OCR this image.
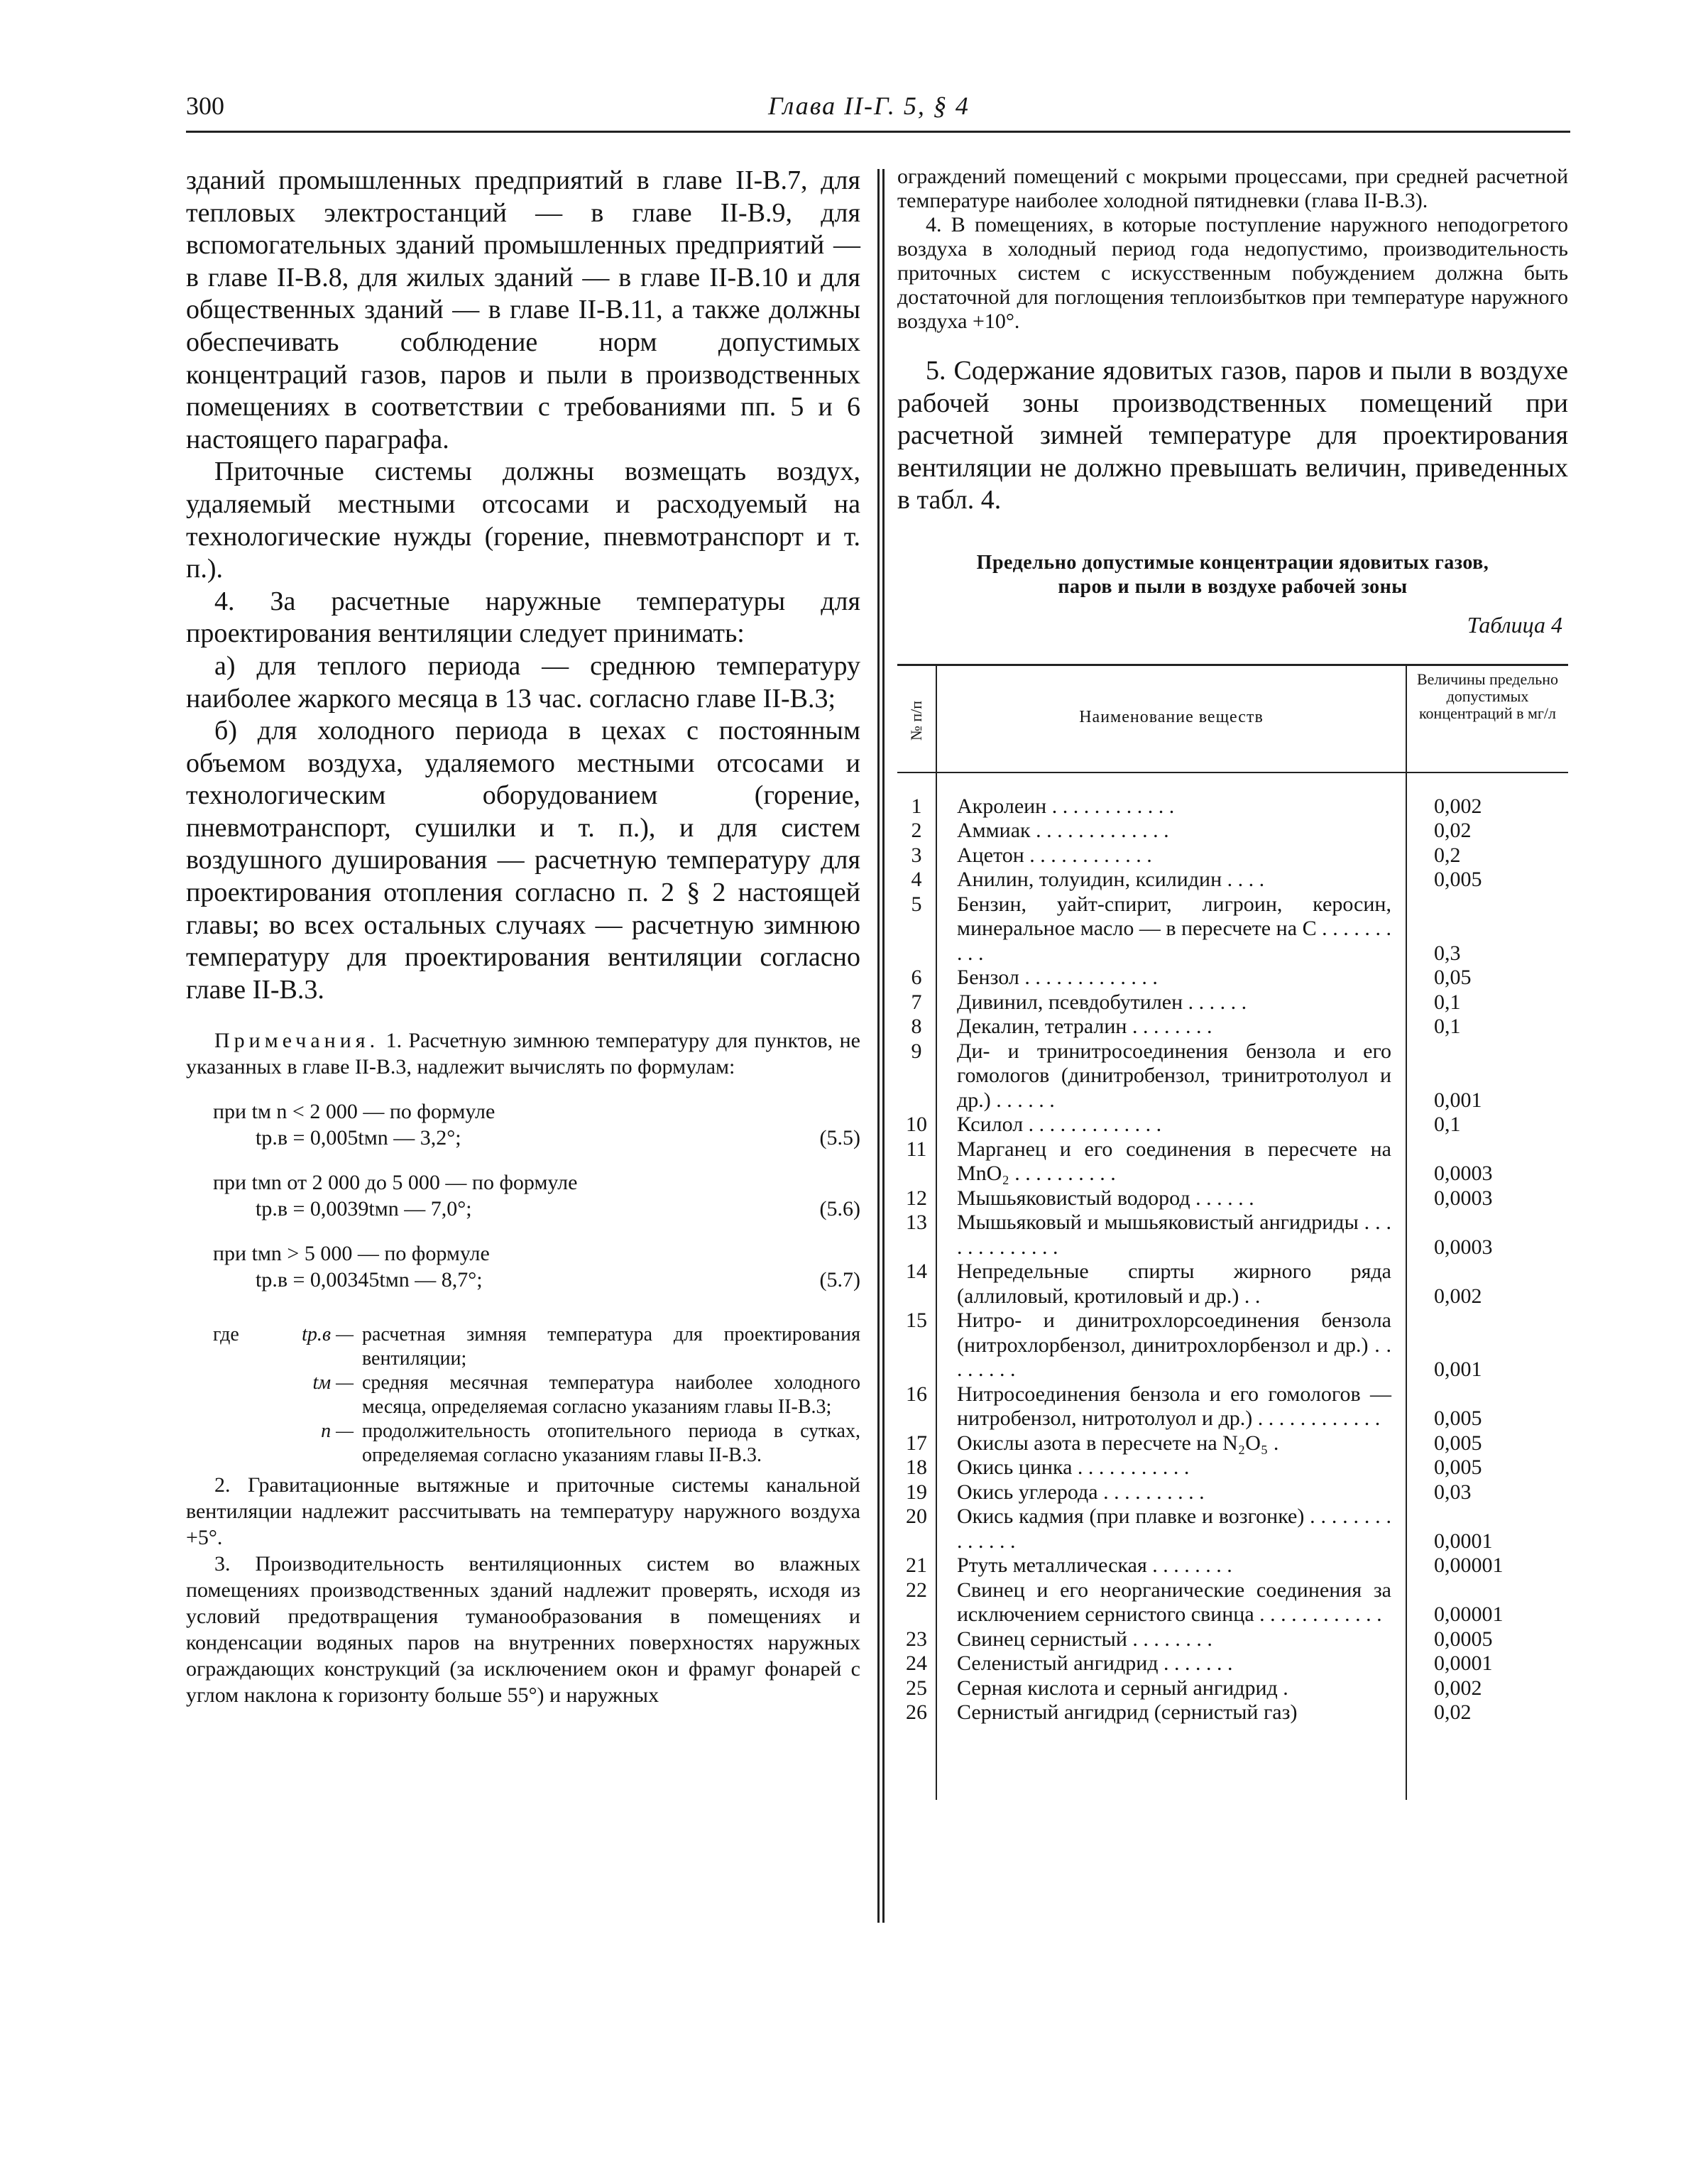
300	Глава II-Г. 5, § 4

зданий промышленных предприятий в главе II-В.7, для тепловых электростанций — в главе II-В.9, для вспомогательных зданий промышленных предприятий — в главе II-В.8, для жилых зданий — в главе II-В.10 и для общественных зданий — в главе II-В.11, а также должны обеспечивать соблюдение норм допустимых концентраций газов, паров и пыли в производственных помещениях в соответствии с требованиями пп. 5 и 6 настоящего параграфа.

Приточные системы должны возмещать воздух, удаляемый местными отсосами и расходуемый на технологические нужды (горение, пневмотранспорт и т. п.).

4. За расчетные наружные температуры для проектирования вентиляции следует принимать:

а) для теплого периода — среднюю температуру наиболее жаркого месяца в 13 час. согласно главе II-В.3;

б) для холодного периода в цехах с постоянным объемом воздуха, удаляемого местными отсосами и технологическим оборудованием (горение, пневмотранспорт, сушилки и т. п.), и для систем воздушного душирования — расчетную температуру для проектирования отопления согласно п. 2 § 2 настоящей главы; во всех остальных случаях — расчетную зимнюю температуру для проектирования вентиляции согласно главе II-В.3.

Примечания. 1. Расчетную зимнюю температуру для пунктов, не указанных в главе II-В.3, надлежит вычислять по формулам:

при tм n < 2 000 — по формуле
tр.в = 0,005tмn — 3,2°;	(5.5)
при tмn от 2 000 до 5 000 — по формуле
tр.в = 0,0039tмn — 7,0°;	(5.6)
при tмn > 5 000 — по формуле
tр.в = 0,00345tмn — 8,7°;	(5.7)
где	tр.в — расчетная зимняя температура для проектирования вентиляции;
tм — средняя месячная температура наиболее холодного месяца, определяемая согласно указаниям главы II-В.3;
n — продолжительность отопительного периода в сутках, определяемая согласно указаниям главы II-В.3.

2. Гравитационные вытяжные и приточные системы канальной вентиляции надлежит рассчитывать на температуру наружного воздуха +5°.

3. Производительность вентиляционных систем во влажных помещениях производственных зданий надлежит проверять, исходя из условий предотвращения туманообразования в помещениях и конденсации водяных паров на внутренних поверхностях наружных ограждающих конструкций (за исключением окон и фрамуг фонарей с углом наклона к горизонту больше 55°) и наружных

ограждений помещений с мокрыми процессами, при средней расчетной температуре наиболее холодной пятидневки (глава II-В.3).

4. В помещениях, в которые поступление наружного неподогретого воздуха в холодный период года недопустимо, производительность приточных систем с искусственным побуждением должна быть достаточной для поглощения теплоизбытков при температуре наружного воздуха +10°.

5. Содержание ядовитых газов, паров и пыли в воздухе рабочей зоны производственных помещений при расчетной зимней температуре для проектирования вентиляции не должно превышать величин, приведенных в табл. 4.

Предельно допустимые концентрации ядовитых газов,
паров и пыли в воздухе рабочей зоны
Таблица 4
№ п/п	Наименование веществ
Величины предельно допустимых концентраций в мг/л
1	Акролеин . . . . . . . . . . . .	0,002
2	Аммиак . . . . . . . . . . . . .	0,02
3	Ацетон . . . . . . . . . . . .	0,2
4	Анилин, толуидин, ксилидин . . . .	0,005
5	Бензин, уайт-спирит, лигроин, керосин, минеральное масло — в пересчете на С . . . . . . . . . .	0,3
6	Бензол . . . . . . . . . . . . .	0,05
7	Дивинил, псевдобутилен . . . . . .	0,1
8	Декалин, тетралин . . . . . . . .	0,1
9	Ди- и тринитросоединения бензола и его гомологов (динитробензол, тринитротолуол и др.) . . . . . .	0,001
10	Ксилол . . . . . . . . . . . . .	0,1
11	Марганец и его соединения в пересчете на MnO₂ . . . . . . . . . .	0,0003
12	Мышьяковистый водород . . . . . .	0,0003
13	Мышьяковый и мышьяковистый ангидриды . . . . . . . . . . . . .	0,0003
14	Непредельные спирты жирного ряда (аллиловый, кротиловый и др.) . .	0,002
15	Нитро- и динитрохлорсоединения бензола (нитрохлорбензол, динитрохлорбензол и др.) . . . . . . . .	0,001
16	Нитросоединения бензола и его гомологов — нитробензол, нитротолуол и др.) . . . . . . . . . . . .	0,005
17	Окислы азота в пересчете на N₂O₅ .	0,005
18	Окись цинка . . . . . . . . . . .	0,005
19	Окись углерода . . . . . . . . . .	0,03
20	Окись кадмия (при плавке и возгонке) . . . . . . . . . . . . . .	0,0001
21	Ртуть металлическая . . . . . . . .	0,00001
22	Свинец и его неорганические соединения за исключением сернистого свинца . . . . . . . . . . . .	0,00001
23	Свинец сернистый . . . . . . . .	0,0005
24	Селенистый ангидрид . . . . . . .	0,0001
25	Серная кислота и серный ангидрид .	0,002
26	Сернистый ангидрид (сернистый газ)	0,02
